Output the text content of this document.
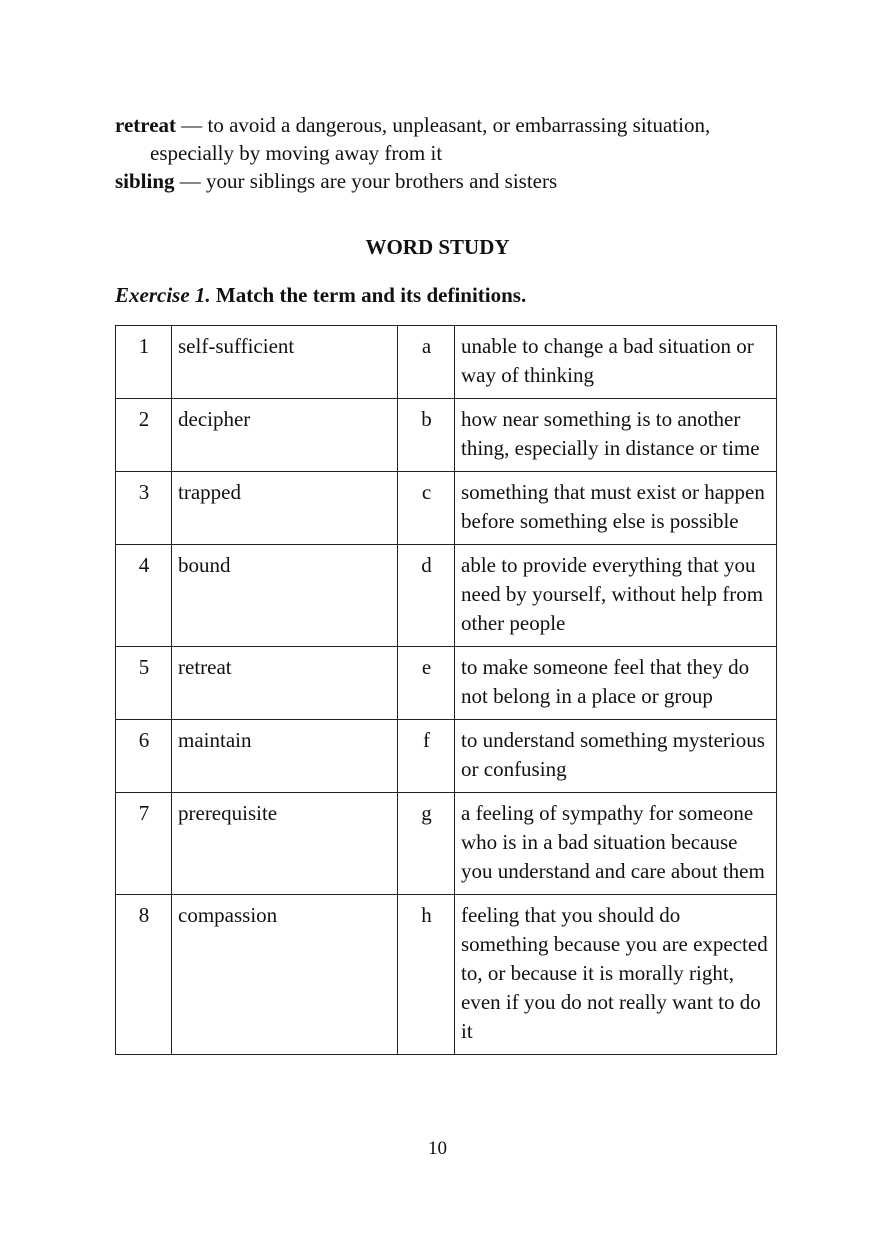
retreat — to avoid a dangerous, unpleasant, or embarrassing situation, especially by moving away from it

sibling — your siblings are your brothers and sisters

WORD STUDY
Exercise 1. Match the term and its definitions.
1	self-sufficient	a	unable to change a bad situation or way of thinking
2	decipher	b	how near something is to another thing, especially in distance or time
3	trapped	c	something that must exist or happen before something else is possible
4	bound	d	able to provide everything that you need by yourself, without help from other people
5	retreat	e	to make someone feel that they do not belong in a place or group
6	maintain	f	to understand something mysterious or confusing
7	prerequisite	g	a feeling of sympathy for someone who is in a bad situation because you understand and care about them
8	compassion	h	feeling that you should do something because you are expected to, or because it is morally right, even if you do not really want to do it
10
